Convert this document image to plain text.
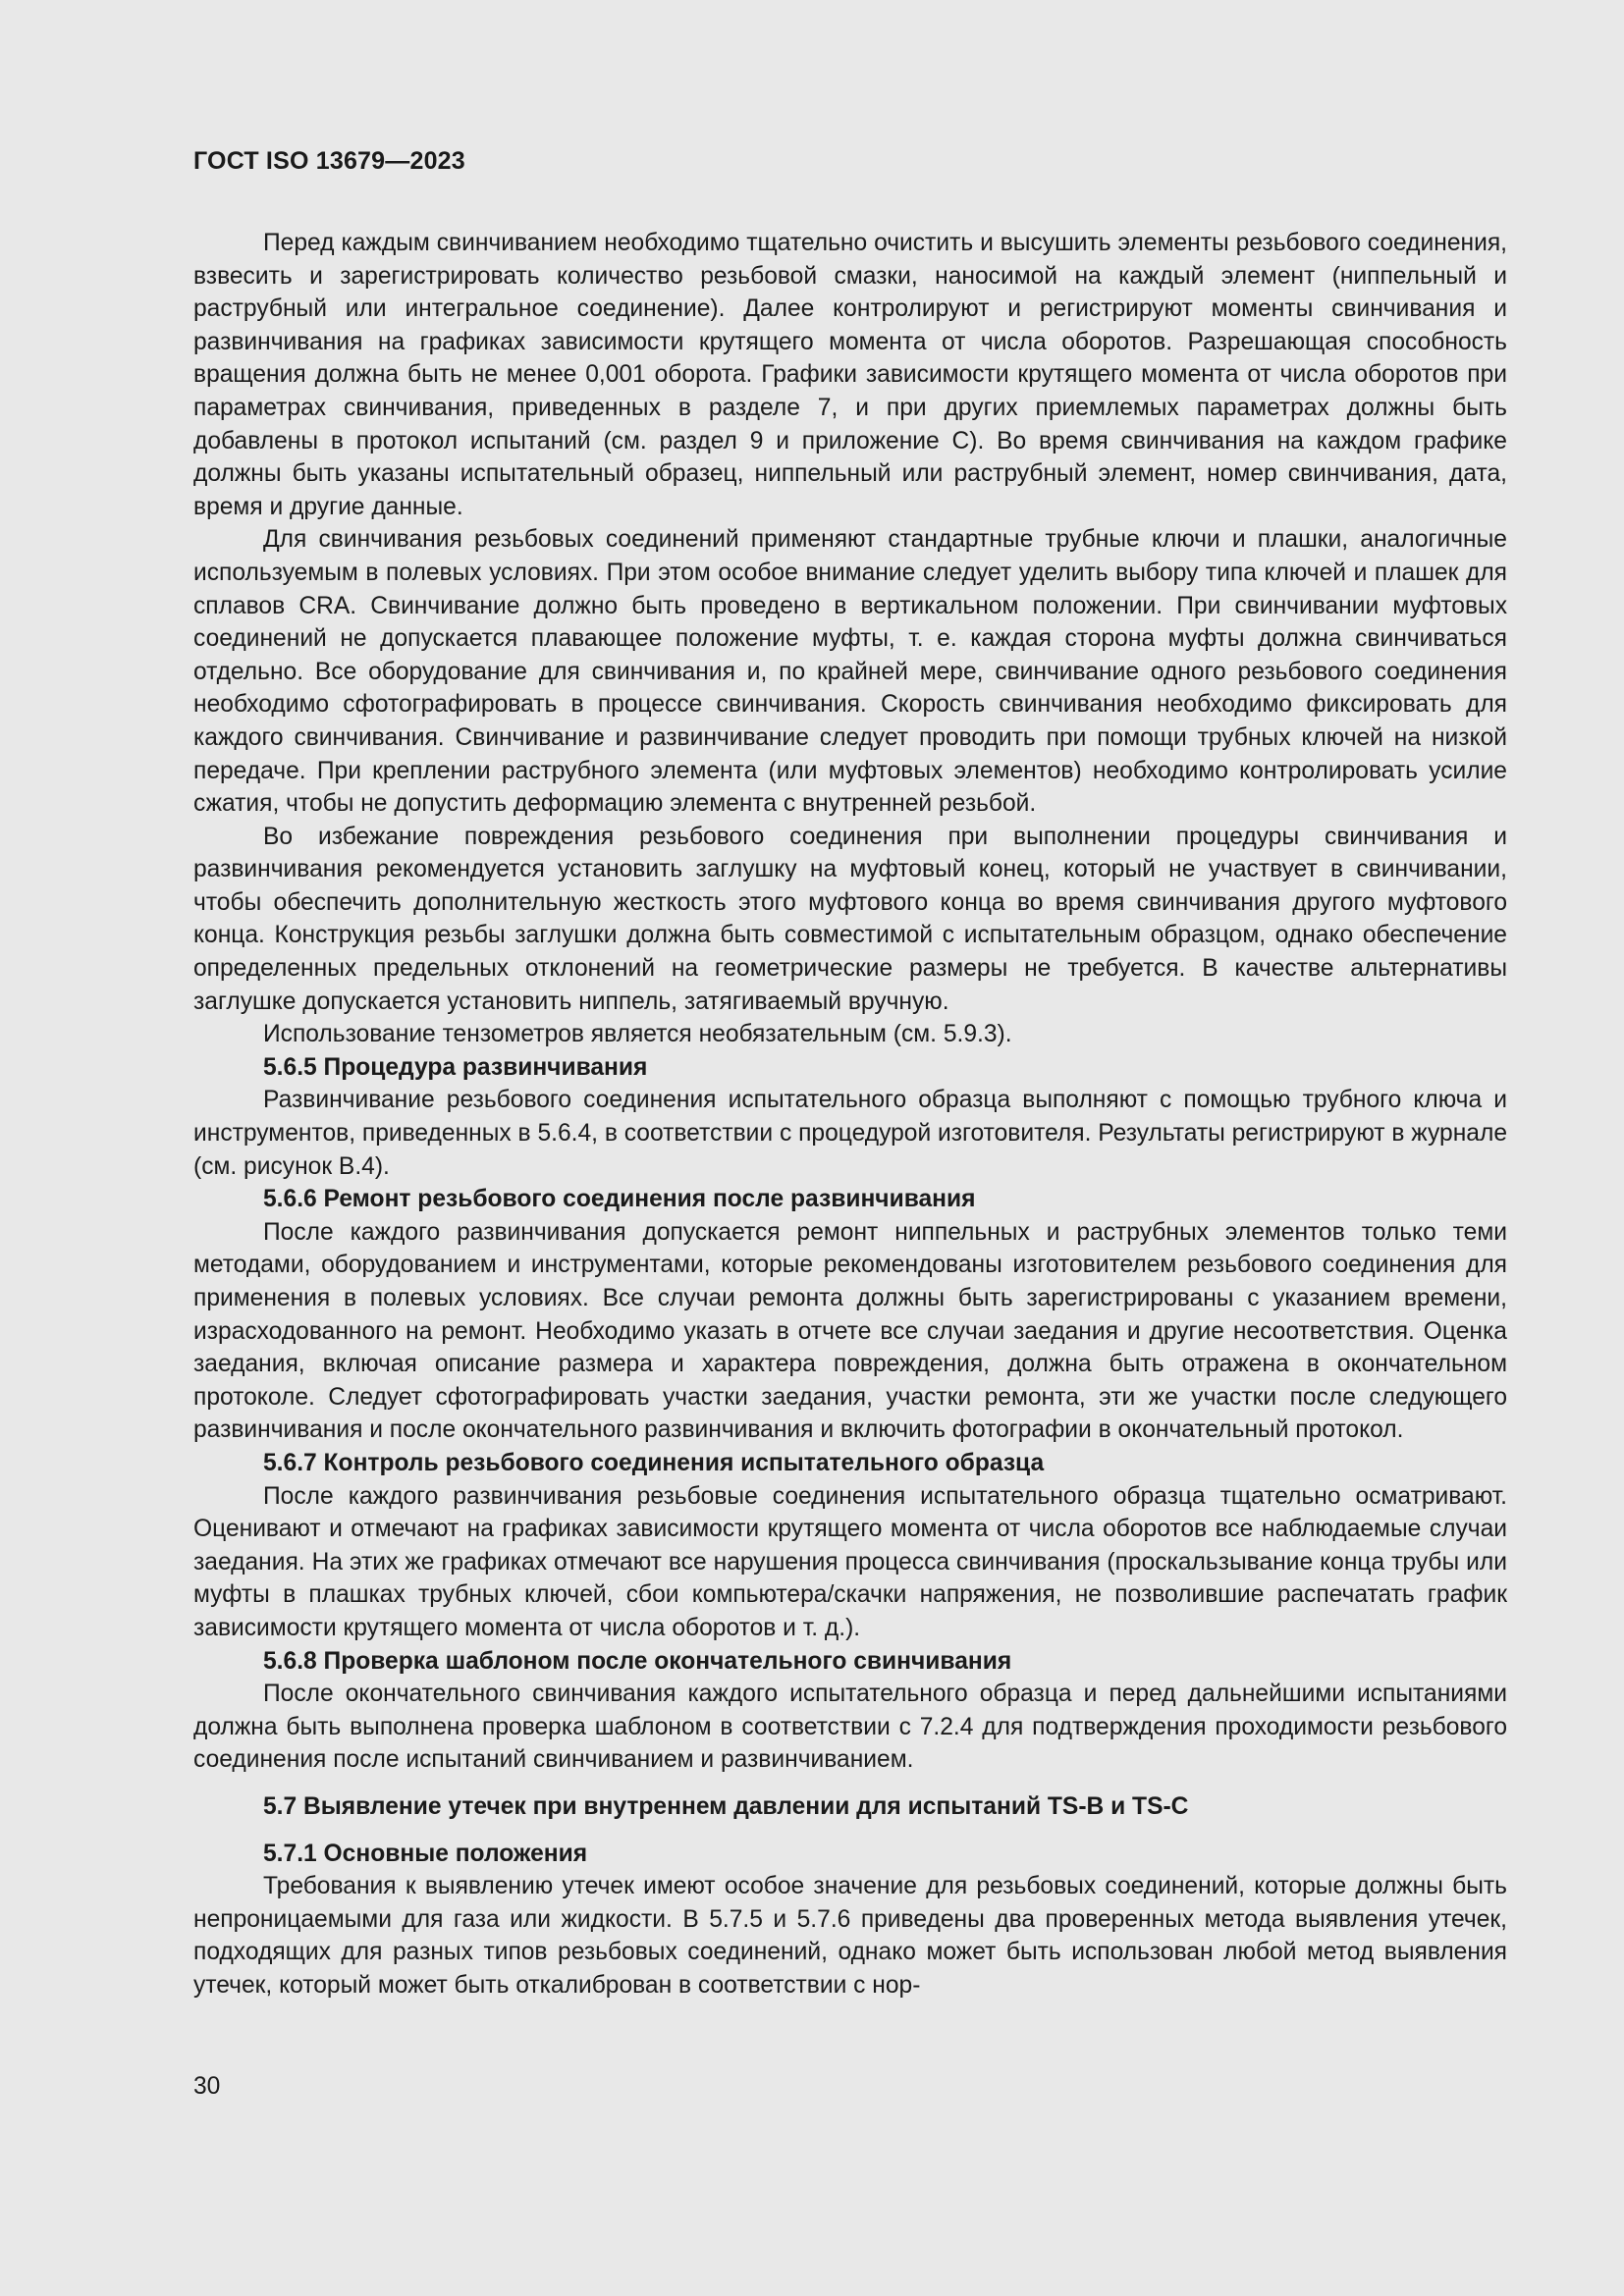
ГОСТ ISO 13679—2023

Перед каждым свинчиванием необходимо тщательно очистить и высушить элементы резьбового соединения, взвесить и зарегистрировать количество резьбовой смазки, наносимой на каждый элемент (ниппельный и раструбный или интегральное соединение). Далее контролируют и регистрируют моменты свинчивания и развинчивания на графиках зависимости крутящего момента от числа оборотов. Разрешающая способность вращения должна быть не менее 0,001 оборота. Графики зависимости крутящего момента от числа оборотов при параметрах свинчивания, приведенных в разделе 7, и при других приемлемых параметрах должны быть добавлены в протокол испытаний (см. раздел 9 и приложение С). Во время свинчивания на каждом графике должны быть указаны испытательный образец, ниппельный или раструбный элемент, номер свинчивания, дата, время и другие данные.

Для свинчивания резьбовых соединений применяют стандартные трубные ключи и плашки, аналогичные используемым в полевых условиях. При этом особое внимание следует уделить выбору типа ключей и плашек для сплавов CRA. Свинчивание должно быть проведено в вертикальном положении. При свинчивании муфтовых соединений не допускается плавающее положение муфты, т. е. каждая сторона муфты должна свинчиваться отдельно. Все оборудование для свинчивания и, по крайней мере, свинчивание одного резьбового соединения необходимо сфотографировать в процессе свинчивания. Скорость свинчивания необходимо фиксировать для каждого свинчивания. Свинчивание и развинчивание следует проводить при помощи трубных ключей на низкой передаче. При креплении раструбного элемента (или муфтовых элементов) необходимо контролировать усилие сжатия, чтобы не допустить деформацию элемента с внутренней резьбой.

Во избежание повреждения резьбового соединения при выполнении процедуры свинчивания и развинчивания рекомендуется установить заглушку на муфтовый конец, который не участвует в свинчивании, чтобы обеспечить дополнительную жесткость этого муфтового конца во время свинчивания другого муфтового конца. Конструкция резьбы заглушки должна быть совместимой с испытательным образцом, однако обеспечение определенных предельных отклонений на геометрические размеры не требуется. В качестве альтернативы заглушке допускается установить ниппель, затягиваемый вручную.

Использование тензометров является необязательным (см. 5.9.3).

5.6.5 Процедура развинчивания

Развинчивание резьбового соединения испытательного образца выполняют с помощью трубного ключа и инструментов, приведенных в 5.6.4, в соответствии с процедурой изготовителя. Результаты регистрируют в журнале (см. рисунок В.4).

5.6.6 Ремонт резьбового соединения после развинчивания

После каждого развинчивания допускается ремонт ниппельных и раструбных элементов только теми методами, оборудованием и инструментами, которые рекомендованы изготовителем резьбового соединения для применения в полевых условиях. Все случаи ремонта должны быть зарегистрированы с указанием времени, израсходованного на ремонт. Необходимо указать в отчете все случаи заедания и другие несоответствия. Оценка заедания, включая описание размера и характера повреждения, должна быть отражена в окончательном протоколе. Следует сфотографировать участки заедания, участки ремонта, эти же участки после следующего развинчивания и после окончательного развинчивания и включить фотографии в окончательный протокол.

5.6.7 Контроль резьбового соединения испытательного образца

После каждого развинчивания резьбовые соединения испытательного образца тщательно осматривают. Оценивают и отмечают на графиках зависимости крутящего момента от числа оборотов все наблюдаемые случаи заедания. На этих же графиках отмечают все нарушения процесса свинчивания (проскальзывание конца трубы или муфты в плашках трубных ключей, сбои компьютера/скачки напряжения, не позволившие распечатать график зависимости крутящего момента от числа оборотов и т. д.).

5.6.8 Проверка шаблоном после окончательного свинчивания

После окончательного свинчивания каждого испытательного образца и перед дальнейшими испытаниями должна быть выполнена проверка шаблоном в соответствии с 7.2.4 для подтверждения проходимости резьбового соединения после испытаний свинчиванием и развинчиванием.

5.7 Выявление утечек при внутреннем давлении для испытаний TS-B и TS-C

5.7.1 Основные положения

Требования к выявлению утечек имеют особое значение для резьбовых соединений, которые должны быть непроницаемыми для газа или жидкости. В 5.7.5 и 5.7.6 приведены два проверенных метода выявления утечек, подходящих для разных типов резьбовых соединений, однако может быть использован любой метод выявления утечек, который может быть откалиброван в соответствии с нор-

30
